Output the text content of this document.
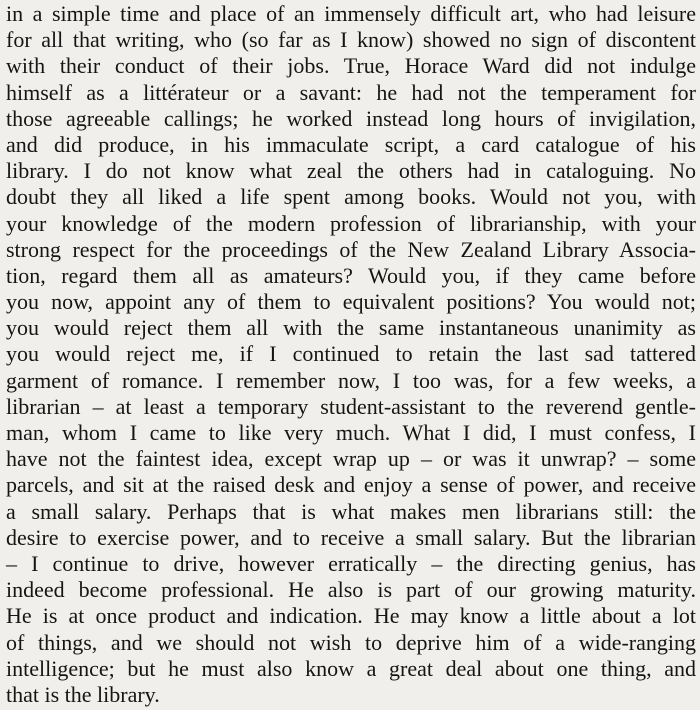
in a simple time and place of an immensely difficult art, who had leisure
for all that writing, who (so far as I know) showed no sign of discontent
with their conduct of their jobs. True, Horace Ward did not indulge
himself as a littérateur or a savant: he had not the temperament for
those agreeable callings; he worked instead long hours of invigilation,
and did produce, in his immaculate script, a card catalogue of his
library. I do not know what zeal the others had in cataloguing. No
doubt they all liked a life spent among books. Would not you, with
your knowledge of the modern profession of librarianship, with your
strong respect for the proceedings of the New Zealand Library Associa-
tion, regard them all as amateurs? Would you, if they came before
you now, appoint any of them to equivalent positions? You would not;
you would reject them all with the same instantaneous unanimity as
you would reject me, if I continued to retain the last sad tattered
garment of romance. I remember now, I too was, for a few weeks, a
librarian – at least a temporary student-assistant to the reverend gentle-
man, whom I came to like very much. What I did, I must confess, I
have not the faintest idea, except wrap up – or was it unwrap? – some
parcels, and sit at the raised desk and enjoy a sense of power, and receive
a small salary. Perhaps that is what makes men librarians still: the
desire to exercise power, and to receive a small salary. But the librarian
– I continue to drive, however erratically – the directing genius, has
indeed become professional. He also is part of our growing maturity.
He is at once product and indication. He may know a little about a lot
of things, and we should not wish to deprive him of a wide-ranging
intelligence; but he must also know a great deal about one thing, and
that is the library.
